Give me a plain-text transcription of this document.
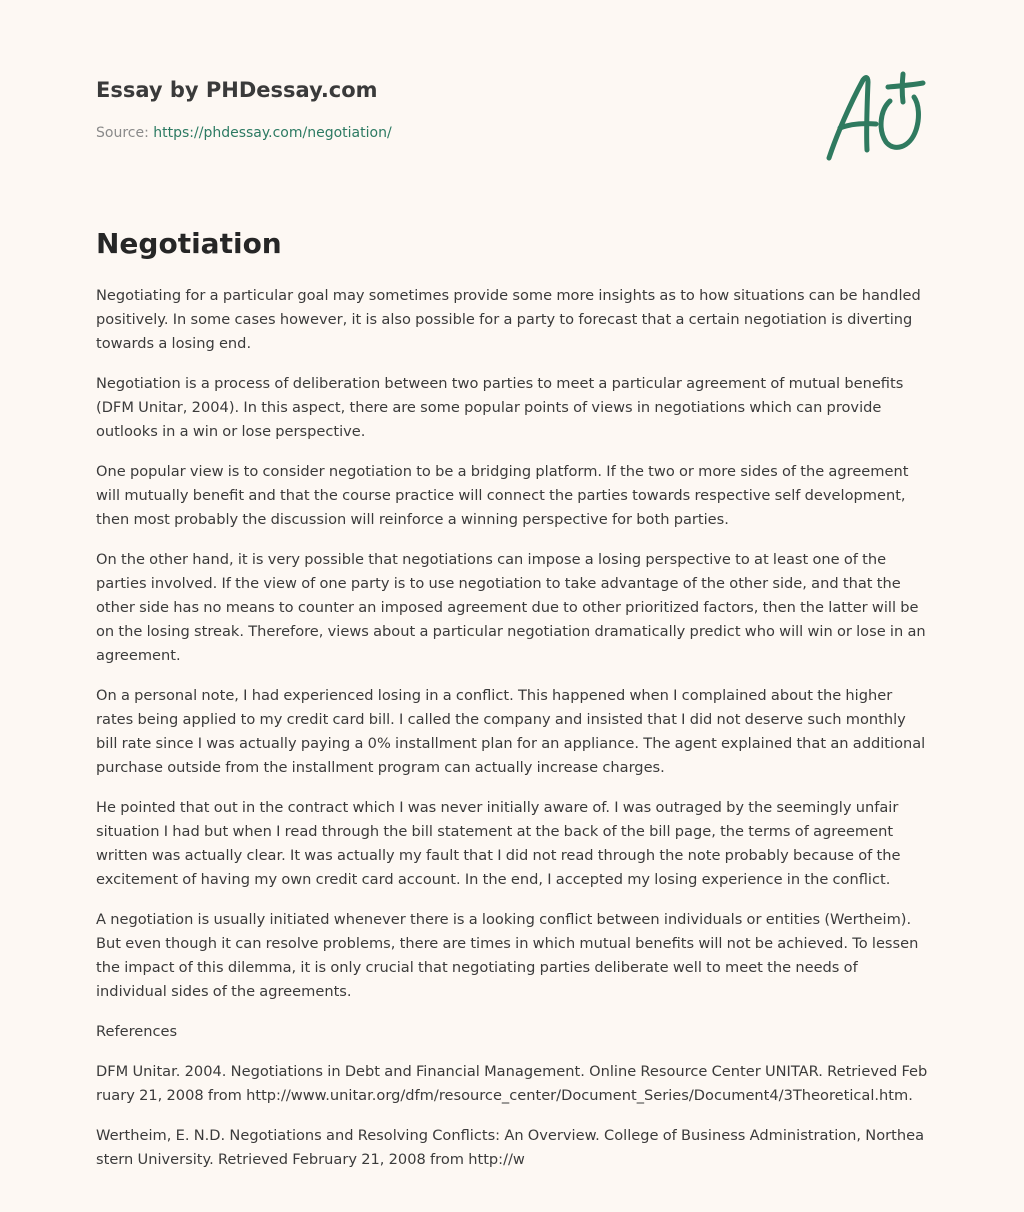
Essay by PHDessay.com
Source: https://phdessay.com/negotiation/
Negotiation

Negotiating for a particular goal may sometimes provide some more insights as to how situations can be handled positively. In some cases however, it is also possible for a party to forecast that a certain negotiation is diverting towards a losing end.

Negotiation is a process of deliberation between two parties to meet a particular agreement of mutual benefits (DFM Unitar, 2004). In this aspect, there are some popular points of views in negotiations which can provide outlooks in a win or lose perspective.

One popular view is to consider negotiation to be a bridging platform. If the two or more sides of the agreement will mutually benefit and that the course practice will connect the parties towards respective self development, then most probably the discussion will reinforce a winning perspective for both parties.

On the other hand, it is very possible that negotiations can impose a losing perspective to at least one of the parties involved. If the view of one party is to use negotiation to take advantage of the other side, and that the other side has no means to counter an imposed agreement due to other prioritized factors, then the latter will be on the losing streak. Therefore, views about a particular negotiation dramatically predict who will win or lose in an agreement.

On a personal note, I had experienced losing in a conflict. This happened when I complained about the higher rates being applied to my credit card bill. I called the company and insisted that I did not deserve such monthly bill rate since I was actually paying a 0% installment plan for an appliance. The agent explained that an additional purchase outside from the installment program can actually increase charges.

He pointed that out in the contract which I was never initially aware of. I was outraged by the seemingly unfair situation I had but when I read through the bill statement at the back of the bill page, the terms of agreement written was actually clear. It was actually my fault that I did not read through the note probably because of the excitement of having my own credit card account. In the end, I accepted my losing experience in the conflict.

A negotiation is usually initiated whenever there is a looking conflict between individuals or entities (Wertheim). But even though it can resolve problems, there are times in which mutual benefits will not be achieved. To lessen the impact of this dilemma, it is only crucial that negotiating parties deliberate well to meet the needs of individual sides of the agreements.

References

DFM Unitar. 2004. Negotiations in Debt and Financial Management. Online Resource Center UNITAR. Retrieved February 21, 2008 from http://www.unitar.org/dfm/resource_center/Document_Series/Document4/3Theoretical.htm.

Wertheim, E. N.D. Negotiations and Resolving Conflicts: An Overview. College of Business Administration, Northeastern University. Retrieved February 21, 2008 from http://w
